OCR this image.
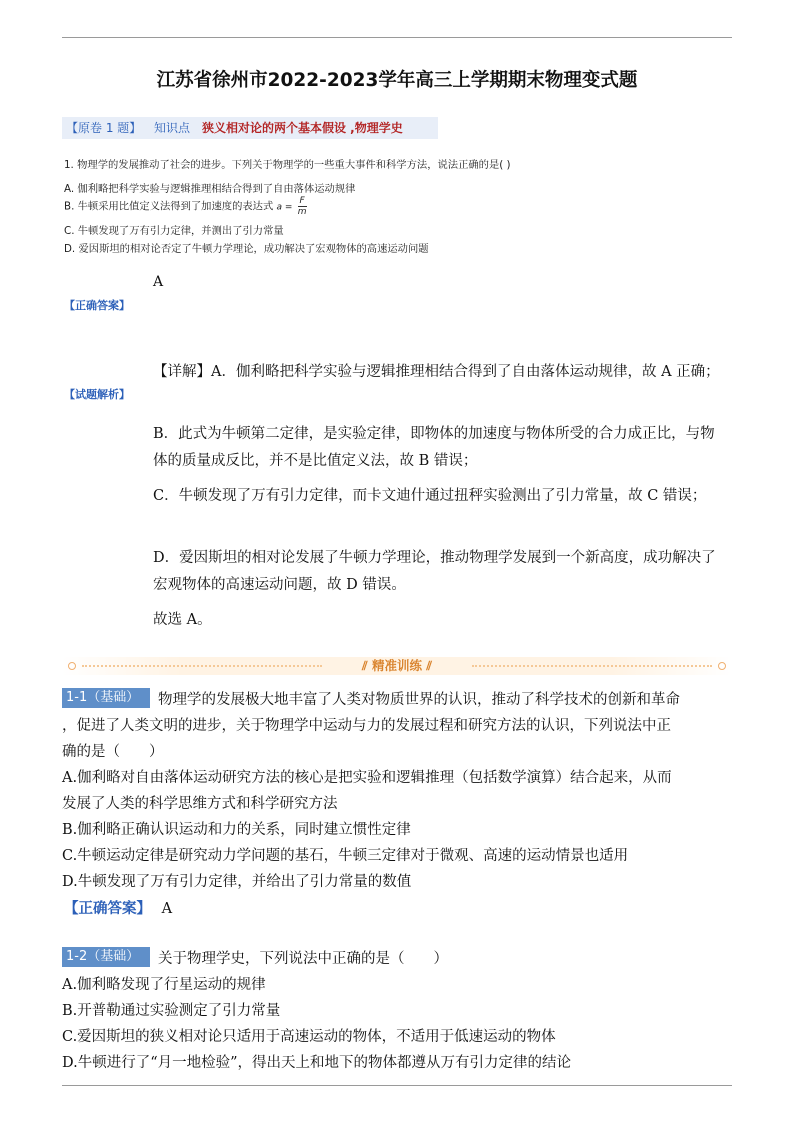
江苏省徐州市2022-2023学年高三上学期期末物理变式题
【原卷 1 题】	知识点 狭义相对论的两个基本假设 ,物理学史
1. 物理学的发展推动了社会的进步。下列关于物理学的一些重大事件和科学方法，说法正确的是( )
A. 伽利略把科学实验与逻辑推理相结合得到了自由落体运动规律
B. 牛顿采用比值定义法得到了加速度的表达式 $a = \frac{F}{m}$
C. 牛顿发现了万有引力定律，并测出了引力常量
D. 爱因斯坦的相对论否定了牛顿力学理论，成功解决了宏观物体的高速运动问题
A
【正确答案】
【试题解析】
【详解】A．伽利略把科学实验与逻辑推理相结合得到了自由落体运动规律，故 A 正确；
B．此式为牛顿第二定律，是实验定律，即物体的加速度与物体所受的合力成正比，与物体的质量成反比，并不是比值定义法，故 B 错误；
C．牛顿发现了万有引力定律，而卡文迪什通过扭秤实验测出了引力常量，故 C 错误；
D．爱因斯坦的相对论发展了牛顿力学理论，推动物理学发展到一个新高度，成功解决了宏观物体的高速运动问题，故 D 错误。
故选 A。
⫽ 精准训练 ⫽
1-1（基础）	物理学的发展极大地丰富了人类对物质世界的认识，推动了科学技术的创新和革命
，促进了人类文明的进步，关于物理学中运动与力的发展过程和研究方法的认识，下列说法中正
确的是（　　）
A.伽利略对自由落体运动研究方法的核心是把实验和逻辑推理（包括数学演算）结合起来，从而
发展了人类的科学思维方式和科学研究方法
B.伽利略正确认识运动和力的关系，同时建立惯性定律
C.牛顿运动定律是研究动力学问题的基石，牛顿三定律对于微观、高速的运动情景也适用
D.牛顿发现了万有引力定律，并给出了引力常量的数值
【正确答案】 A
1-2（基础）	关于物理学史，下列说法中正确的是（　　）
A.伽利略发现了行星运动的规律
B.开普勒通过实验测定了引力常量
C.爱因斯坦的狭义相对论只适用于高速运动的物体，不适用于低速运动的物体
D.牛顿进行了“月一地检验”，得出天上和地下的物体都遵从万有引力定律的结论
